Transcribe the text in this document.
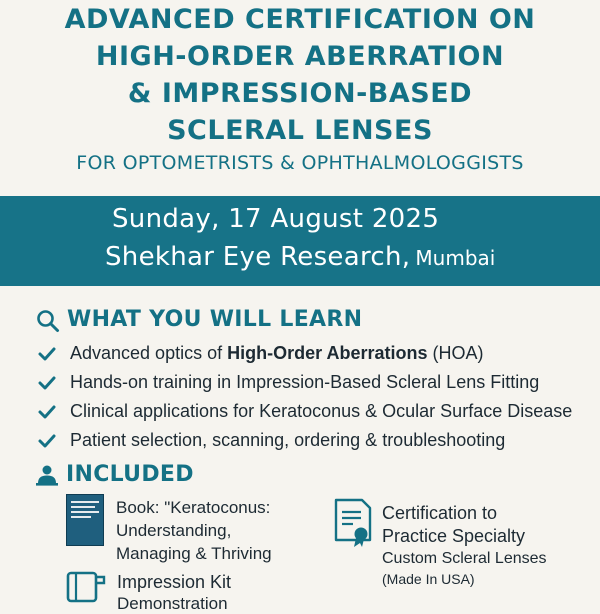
ADVANCED CERTIFICATION ON
HIGH-ORDER ABERRATION
& IMPRESSION-BASED
SCLERAL LENSES
FOR OPTOMETRISTS & OPHTHALMOLOGGISTS
Sunday, 17 August 2025
Shekhar Eye Research, Mumbai
WHAT YOU WILL LEARN
Advanced optics of High-Order Aberrations (HOA)
Hands-on training in Impression-Based Scleral Lens Fitting
Clinical applications for Keratoconus & Ocular Surface Disease
Patient selection, scanning, ordering & troubleshooting
INCLUDED
Book: "Keratoconus:
Understanding,
Managing & Thriving
Certification to
Practice Specialty
Custom Scleral Lenses
(Made In USA)
Impression Kit
Demonstration
